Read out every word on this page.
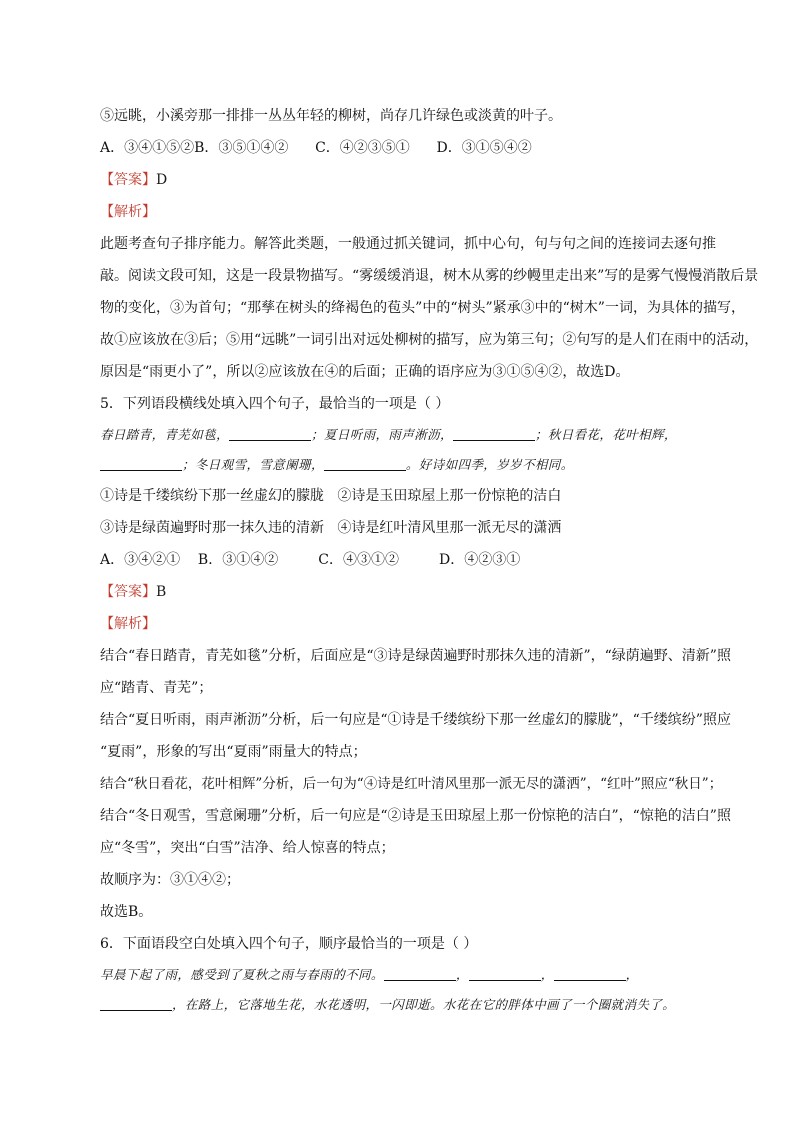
⑤远眺，小溪旁那一排排一丛丛年轻的柳树，尚存几许绿色或淡黄的叶子。
A．③④①⑤②B．③⑤①④②      C．④②③⑤①      D．③①⑤④②
【答案】D
【解析】
此题考查句子排序能力。解答此类题，一般通过抓关键词，抓中心句，句与句之间的连接词去逐句推
敲。阅读文段可知，这是一段景物描写。“雾缓缓消退，树木从雾的纱幔里走出来”写的是雾气慢慢消散后景
物的变化，③为首句；“那孳在树头的绛褐色的苞头”中的“树头”紧承③中的“树木”一词，为具体的描写，
故①应该放在③后；⑤用“远眺”一词引出对远处柳树的描写，应为第三句；②句写的是人们在雨中的活动，
原因是“雨更小了”，所以②应该放在④的后面；正确的语序应为③①⑤④②，故选D。
5．下列语段横线处填入四个句子，最恰当的一项是（ ）
春日踏青，青芜如毯，	；夏日听雨，雨声淅沥，	；秋日看花，花叶相辉，
；冬日观雪，雪意阑珊，	。好诗如四季，岁岁不相同。
①诗是千缕缤纷下那一丝虚幻的朦胧   ②诗是玉田琼屋上那一份惊艳的洁白
③诗是绿茵遍野时那一抹久违的清新   ④诗是红叶清风里那一派无尽的潇洒
A．③④②①    B．③①④②         C．④③①②         D．④②③①
【答案】B
【解析】
结合“春日踏青，青芜如毯”分析，后面应是“③诗是绿茵遍野时那抹久违的清新”，“绿荫遍野、清新”照
应“踏青、青芜”；
结合“夏日听雨，雨声淅沥”分析，后一句应是“①诗是千缕缤纷下那一丝虚幻的朦胧”，“千缕缤纷”照应
“夏雨”，形象的写出“夏雨”雨量大的特点；
结合“秋日看花，花叶相辉”分析，后一句为“④诗是红叶清风里那一派无尽的潇洒”，“红叶”照应“秋日”；
结合“冬日观雪，雪意阑珊”分析，后一句应是“②诗是玉田琼屋上那一份惊艳的洁白”，“惊艳的洁白”照
应“冬雪”，突出“白雪”洁净、给人惊喜的特点；
故顺序为：③①④②；
故选B。
6．下面语段空白处填入四个句子，顺序最恰当的一项是（ ）
早晨下起了雨，感受到了夏秋之雨与春雨的不同。	，	，	，
，在路上，它落地生花，水花透明，一闪即逝。水花在它的胖体中画了一个圈就消失了。
